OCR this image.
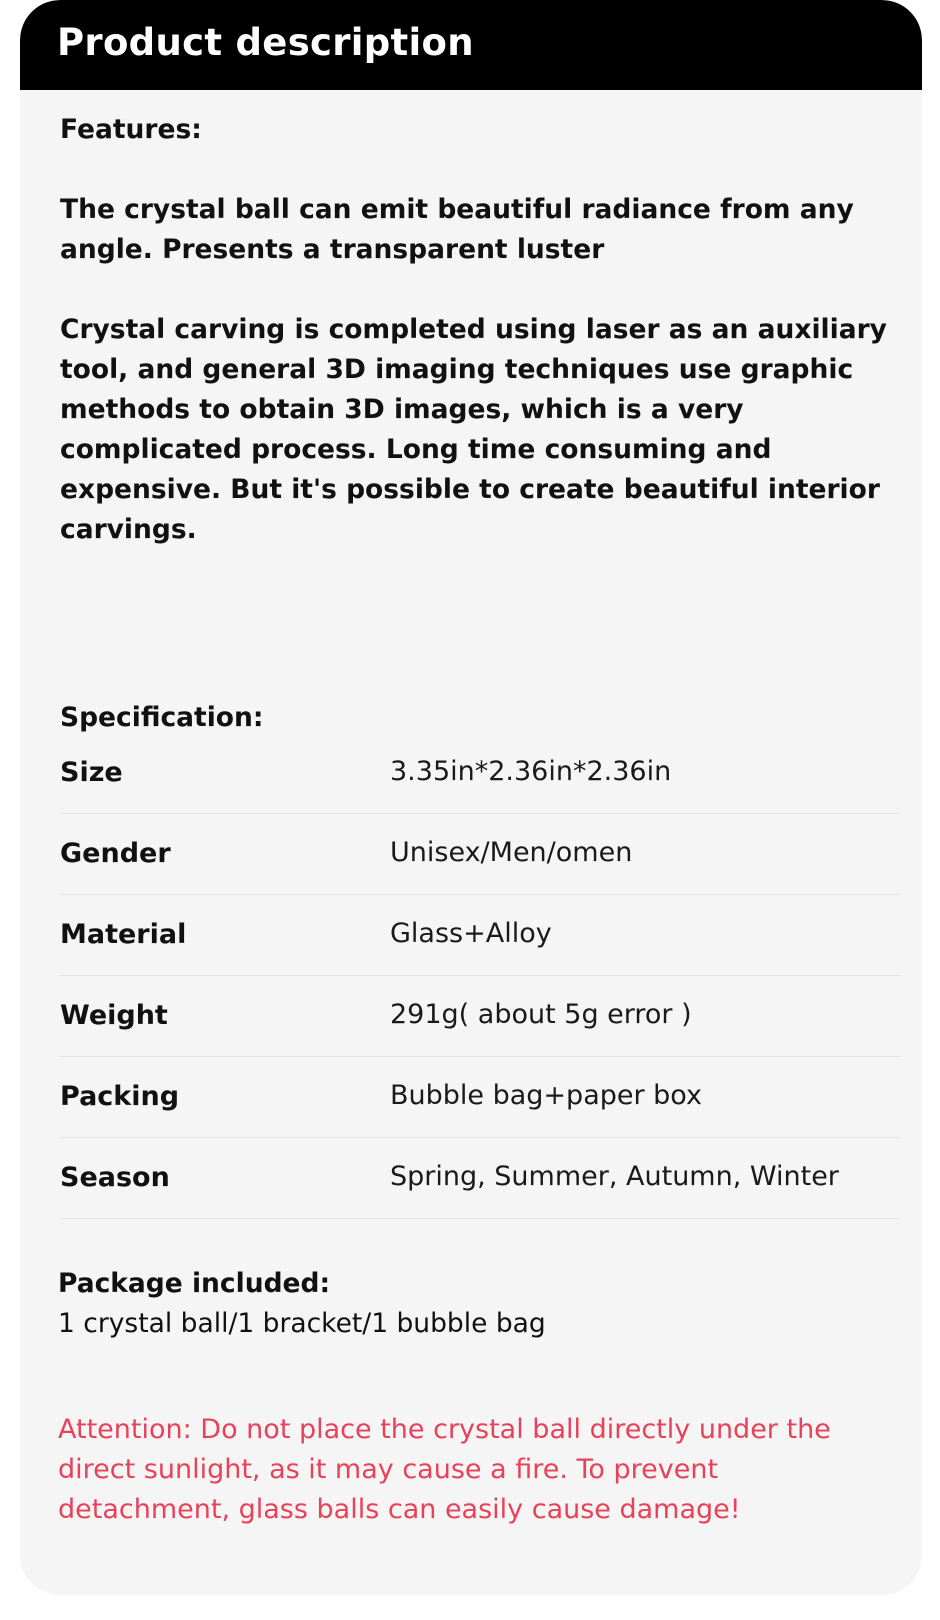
Product description

Features:

The crystal ball can emit beautiful radiance from any angle. Presents a transparent luster

Crystal carving is completed using laser as an auxiliary tool, and general 3D imaging techniques use graphic methods to obtain 3D images, which is a very complicated process. Long time consuming and expensive. But it's possible to create beautiful interior carvings.

Specification:

Size	3.35in*2.36in*2.36in
Gender	Unisex/Men/omen
Material	Glass+Alloy
Weight	291g( about 5g error )
Packing	Bubble bag+paper box
Season	Spring, Summer, Autumn, Winter

Package included:

1 crystal ball/1 bracket/1 bubble bag

Attention: Do not place the crystal ball directly under the direct sunlight, as it may cause a fire. To prevent detachment, glass balls can easily cause damage!
